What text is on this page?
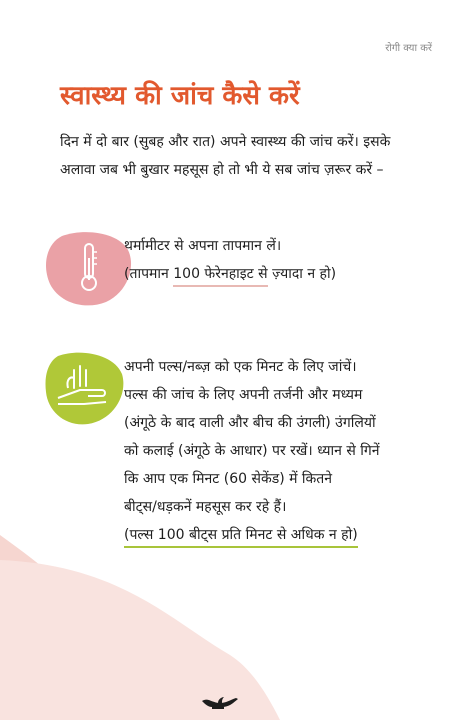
रोगी क्या करें
स्वास्थ्य की जांच कैसे करें
दिन में दो बार (सुबह और रात) अपने स्वास्थ्य की जांच करें। इसके
अलावा जब भी बुखार महसूस हो तो भी ये सब जांच ज़रूर करें –
थर्मामीटर से अपना तापमान लें।
(तापमान 100 फेरेनहाइट से ज़्यादा न हो)
अपनी पल्स/नब्ज़ को एक मिनट के लिए जांचें।
पल्स की जांच के लिए अपनी तर्जनी और मध्यम
(अंगूठे के बाद वाली और बीच की उंगली) उंगलियों
को कलाई (अंगूठे के आधार) पर रखें। ध्यान से गिनें
कि आप एक मिनट (60 सेकेंड) में कितने
बीट्स/धड़कनें महसूस कर रहे हैं।
(पल्स 100 बीट्स प्रति मिनट से अधिक न हो)
